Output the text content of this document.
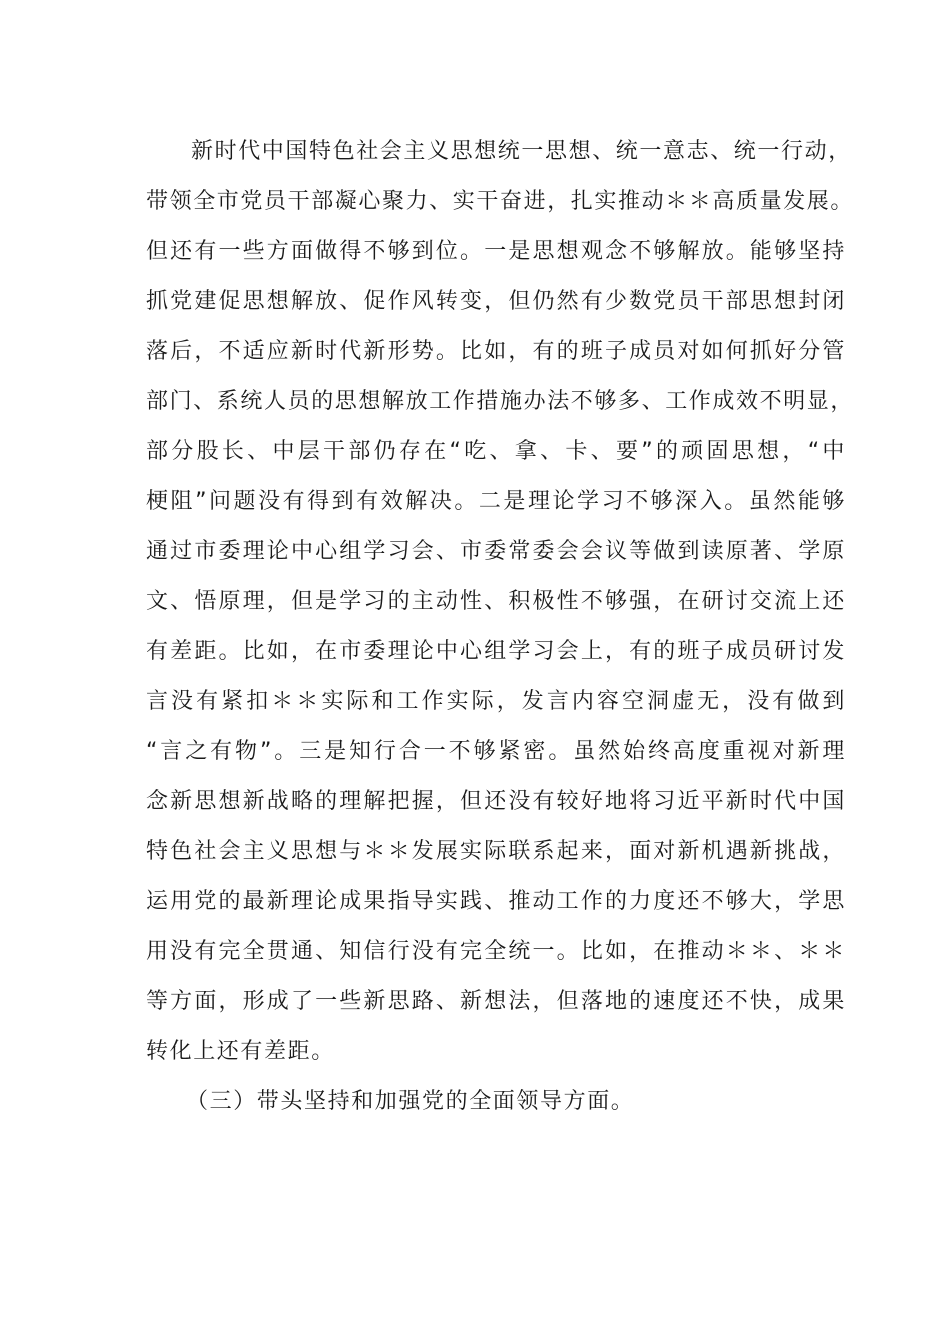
新时代中国特色社会主义思想统一思想、统一意志、统一行动，
带领全市党员干部凝心聚力、实干奋进，扎实推动＊＊高质量发展。
但还有一些方面做得不够到位。一是思想观念不够解放。能够坚持
抓党建促思想解放、促作风转变，但仍然有少数党员干部思想封闭
落后，不适应新时代新形势。比如，有的班子成员对如何抓好分管
部门、系统人员的思想解放工作措施办法不够多、工作成效不明显，
部分股长、中层干部仍存在“吃、拿、卡、要”的顽固思想，“中
梗阻”问题没有得到有效解决。二是理论学习不够深入。虽然能够
通过市委理论中心组学习会、市委常委会会议等做到读原著、学原
文、悟原理，但是学习的主动性、积极性不够强，在研讨交流上还
有差距。比如，在市委理论中心组学习会上，有的班子成员研讨发
言没有紧扣＊＊实际和工作实际，发言内容空洞虚无，没有做到
“言之有物”。三是知行合一不够紧密。虽然始终高度重视对新理
念新思想新战略的理解把握，但还没有较好地将习近平新时代中国
特色社会主义思想与＊＊发展实际联系起来，面对新机遇新挑战，
运用党的最新理论成果指导实践、推动工作的力度还不够大，学思
用没有完全贯通、知信行没有完全统一。比如，在推动＊＊、＊＊
等方面，形成了一些新思路、新想法，但落地的速度还不快，成果
转化上还有差距。
（三）带头坚持和加强党的全面领导方面。
